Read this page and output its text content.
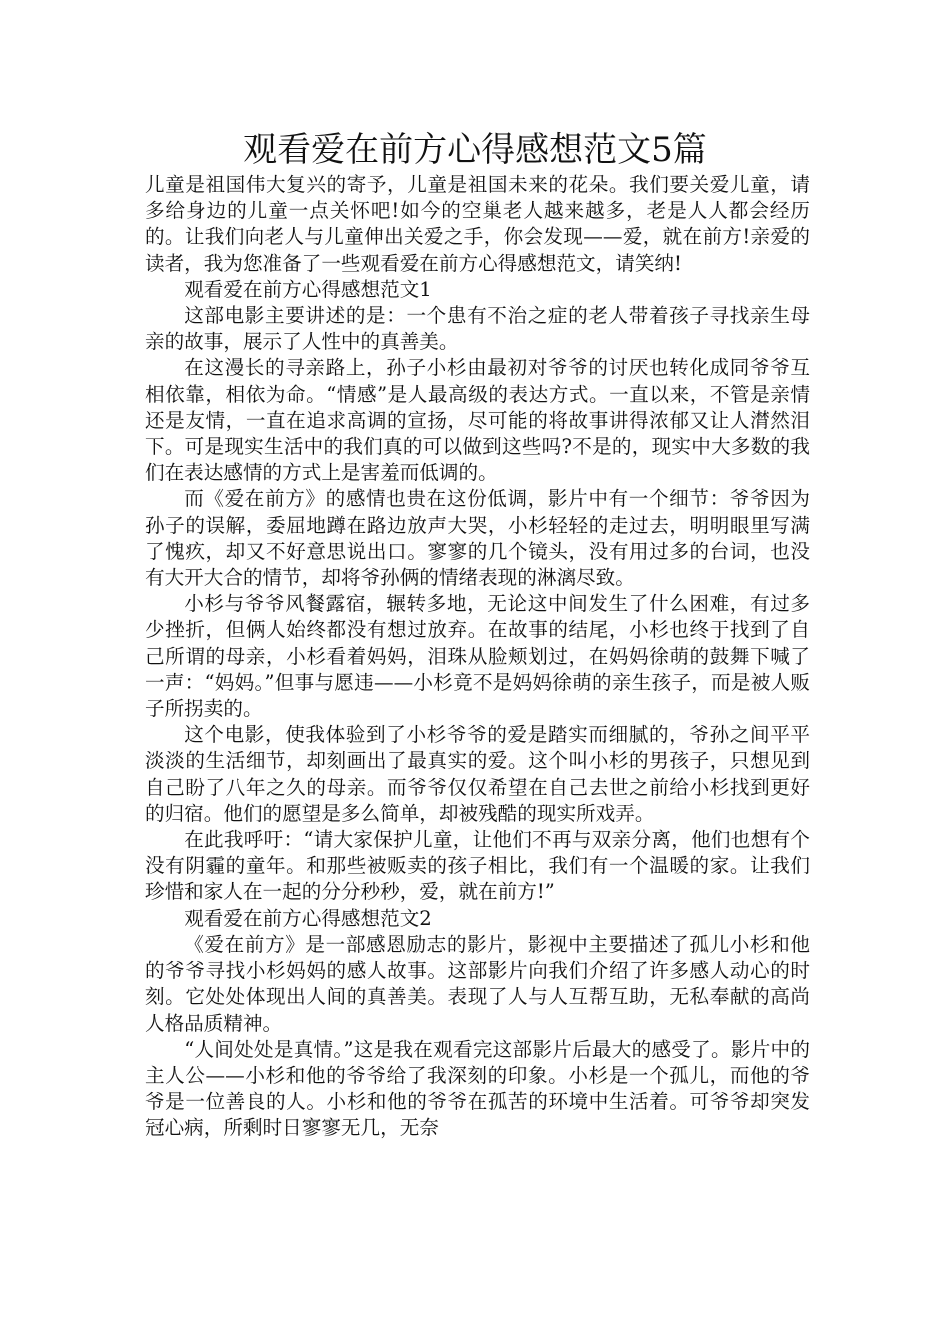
观看爱在前方心得感想范文5篇

儿童是祖国伟大复兴的寄予，儿童是祖国未来的花朵。我们要关爱儿童，请多给身边的儿童一点关怀吧!如今的空巢老人越来越多，老是人人都会经历的。让我们向老人与儿童伸出关爱之手，你会发现——爱，就在前方!亲爱的读者，我为您准备了一些观看爱在前方心得感想范文，请笑纳!

观看爱在前方心得感想范文1

这部电影主要讲述的是：一个患有不治之症的老人带着孩子寻找亲生母亲的故事，展示了人性中的真善美。

在这漫长的寻亲路上，孙子小杉由最初对爷爷的讨厌也转化成同爷爷互相依靠，相依为命。“情感”是人最高级的表达方式。一直以来，不管是亲情还是友情，一直在追求高调的宣扬，尽可能的将故事讲得浓郁又让人潸然泪下。可是现实生活中的我们真的可以做到这些吗?不是的，现实中大多数的我们在表达感情的方式上是害羞而低调的。

而《爱在前方》的感情也贵在这份低调，影片中有一个细节：爷爷因为孙子的误解，委屈地蹲在路边放声大哭，小杉轻轻的走过去，明明眼里写满了愧疚，却又不好意思说出口。寥寥的几个镜头，没有用过多的台词，也没有大开大合的情节，却将爷孙俩的情绪表现的淋漓尽致。

小杉与爷爷风餐露宿，辗转多地，无论这中间发生了什么困难，有过多少挫折，但俩人始终都没有想过放弃。在故事的结尾，小杉也终于找到了自己所谓的母亲，小杉看着妈妈，泪珠从脸颊划过，在妈妈徐萌的鼓舞下喊了一声：“妈妈。”但事与愿违——小杉竟不是妈妈徐萌的亲生孩子，而是被人贩子所拐卖的。

这个电影，使我体验到了小杉爷爷的爱是踏实而细腻的，爷孙之间平平淡淡的生活细节，却刻画出了最真实的爱。这个叫小杉的男孩子，只想见到自己盼了八年之久的母亲。而爷爷仅仅希望在自己去世之前给小杉找到更好的归宿。他们的愿望是多么简单，却被残酷的现实所戏弄。

在此我呼吁：“请大家保护儿童，让他们不再与双亲分离，他们也想有个没有阴霾的童年。和那些被贩卖的孩子相比，我们有一个温暖的家。让我们珍惜和家人在一起的分分秒秒，爱，就在前方!”

观看爱在前方心得感想范文2

《爱在前方》是一部感恩励志的影片，影视中主要描述了孤儿小杉和他的爷爷寻找小杉妈妈的感人故事。这部影片向我们介绍了许多感人动心的时刻。它处处体现出人间的真善美。表现了人与人互帮互助，无私奉献的高尚人格品质精神。

“人间处处是真情。”这是我在观看完这部影片后最大的感受了。影片中的主人公——小杉和他的爷爷给了我深刻的印象。小杉是一个孤儿，而他的爷爷是一位善良的人。小杉和他的爷爷在孤苦的环境中生活着。可爷爷却突发冠心病，所剩时日寥寥无几，无奈
